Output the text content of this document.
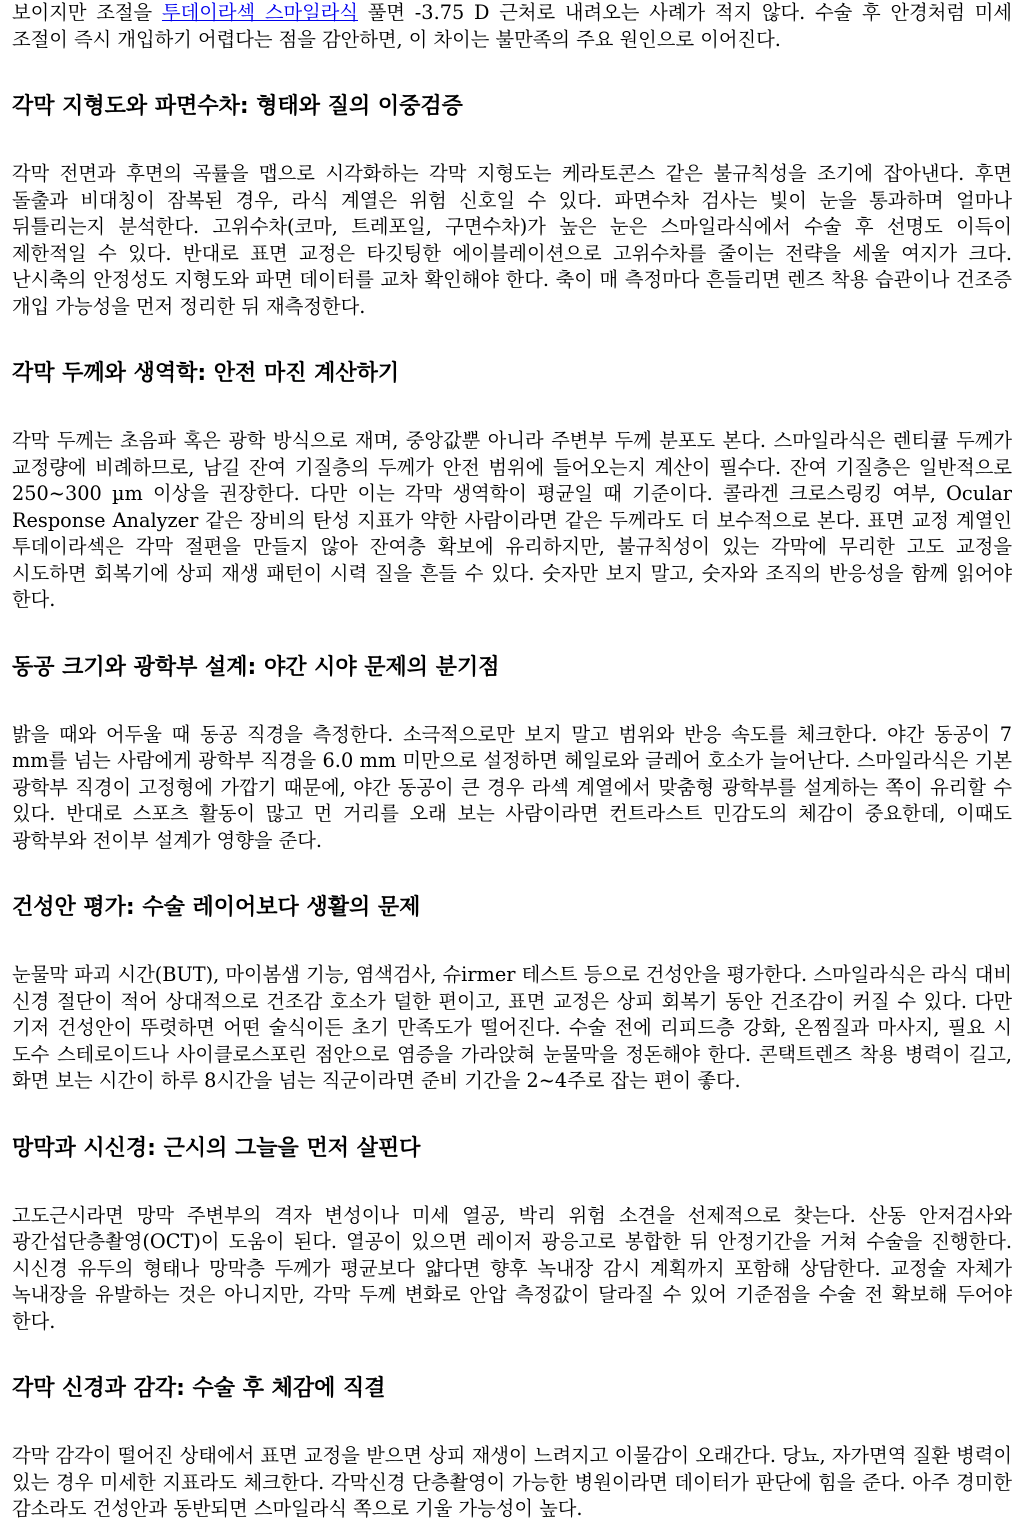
보이지만 조절을 투데이라섹 스마일라식 풀면 -3.75 D 근처로 내려오는 사례가 적지 않다. 수술 후 안경처럼 미세 조절이 즉시 개입하기 어렵다는 점을 감안하면, 이 차이는 불만족의 주요 원인으로 이어진다.

각막 지형도와 파면수차: 형태와 질의 이중검증

각막 전면과 후면의 곡률을 맵으로 시각화하는 각막 지형도는 케라토콘스 같은 불규칙성을 조기에 잡아낸다. 후면 돌출과 비대칭이 잠복된 경우, 라식 계열은 위험 신호일 수 있다. 파면수차 검사는 빛이 눈을 통과하며 얼마나 뒤틀리는지 분석한다. 고위수차(코마, 트레포일, 구면수차)가 높은 눈은 스마일라식에서 수술 후 선명도 이득이 제한적일 수 있다. 반대로 표면 교정은 타깃팅한 에이블레이션으로 고위수차를 줄이는 전략을 세울 여지가 크다. 난시축의 안정성도 지형도와 파면 데이터를 교차 확인해야 한다. 축이 매 측정마다 흔들리면 렌즈 착용 습관이나 건조증 개입 가능성을 먼저 정리한 뒤 재측정한다.

각막 두께와 생역학: 안전 마진 계산하기

각막 두께는 초음파 혹은 광학 방식으로 재며, 중앙값뿐 아니라 주변부 두께 분포도 본다. 스마일라식은 렌티큘 두께가 교정량에 비례하므로, 남길 잔여 기질층의 두께가 안전 범위에 들어오는지 계산이 필수다. 잔여 기질층은 일반적으로 250~300 µm 이상을 권장한다. 다만 이는 각막 생역학이 평균일 때 기준이다. 콜라겐 크로스링킹 여부, Ocular Response Analyzer 같은 장비의 탄성 지표가 약한 사람이라면 같은 두께라도 더 보수적으로 본다. 표면 교정 계열인 투데이라섹은 각막 절편을 만들지 않아 잔여층 확보에 유리하지만, 불규칙성이 있는 각막에 무리한 고도 교정을 시도하면 회복기에 상피 재생 패턴이 시력 질을 흔들 수 있다. 숫자만 보지 말고, 숫자와 조직의 반응성을 함께 읽어야 한다.

동공 크기와 광학부 설계: 야간 시야 문제의 분기점

밝을 때와 어두울 때 동공 직경을 측정한다. 소극적으로만 보지 말고 범위와 반응 속도를 체크한다. 야간 동공이 7 mm를 넘는 사람에게 광학부 직경을 6.0 mm 미만으로 설정하면 헤일로와 글레어 호소가 늘어난다. 스마일라식은 기본 광학부 직경이 고정형에 가깝기 때문에, 야간 동공이 큰 경우 라섹 계열에서 맞춤형 광학부를 설계하는 쪽이 유리할 수 있다. 반대로 스포츠 활동이 많고 먼 거리를 오래 보는 사람이라면 컨트라스트 민감도의 체감이 중요한데, 이때도 광학부와 전이부 설계가 영향을 준다.

건성안 평가: 수술 레이어보다 생활의 문제

눈물막 파괴 시간(BUT), 마이봄샘 기능, 염색검사, 슈irmer 테스트 등으로 건성안을 평가한다. 스마일라식은 라식 대비 신경 절단이 적어 상대적으로 건조감 호소가 덜한 편이고, 표면 교정은 상피 회복기 동안 건조감이 커질 수 있다. 다만 기저 건성안이 뚜렷하면 어떤 술식이든 초기 만족도가 떨어진다. 수술 전에 리피드층 강화, 온찜질과 마사지, 필요 시 도수 스테로이드나 사이클로스포린 점안으로 염증을 가라앉혀 눈물막을 정돈해야 한다. 콘택트렌즈 착용 병력이 길고, 화면 보는 시간이 하루 8시간을 넘는 직군이라면 준비 기간을 2~4주로 잡는 편이 좋다.

망막과 시신경: 근시의 그늘을 먼저 살핀다

고도근시라면 망막 주변부의 격자 변성이나 미세 열공, 박리 위험 소견을 선제적으로 찾는다. 산동 안저검사와 광간섭단층촬영(OCT)이 도움이 된다. 열공이 있으면 레이저 광응고로 봉합한 뒤 안정기간을 거쳐 수술을 진행한다. 시신경 유두의 형태나 망막층 두께가 평균보다 얇다면 향후 녹내장 감시 계획까지 포함해 상담한다. 교정술 자체가 녹내장을 유발하는 것은 아니지만, 각막 두께 변화로 안압 측정값이 달라질 수 있어 기준점을 수술 전 확보해 두어야 한다.

각막 신경과 감각: 수술 후 체감에 직결

각막 감각이 떨어진 상태에서 표면 교정을 받으면 상피 재생이 느려지고 이물감이 오래간다. 당뇨, 자가면역 질환 병력이 있는 경우 미세한 지표라도 체크한다. 각막신경 단층촬영이 가능한 병원이라면 데이터가 판단에 힘을 준다. 아주 경미한 감소라도 건성안과 동반되면 스마일라식 쪽으로 기울 가능성이 높다.
